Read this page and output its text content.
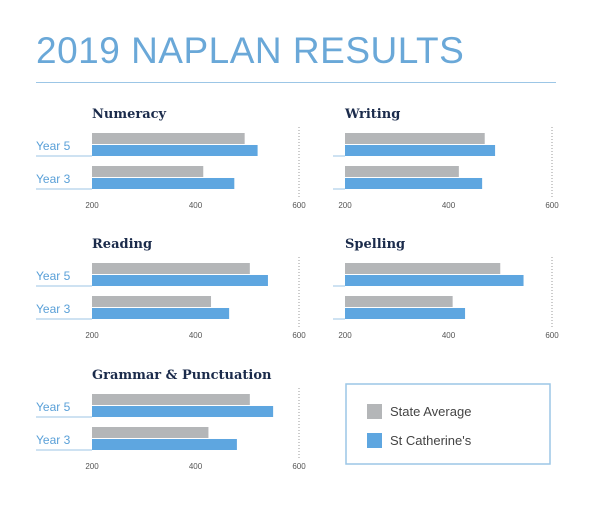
2019 NAPLAN RESULTS
Numeracy
Year 5
Year 3
200	400	600
Writing
200	400	600
Reading
Year 5
Year 3
200	400	600
Spelling
200	400	600
Grammar & Punctuation
Year 5
Year 3
200	400	600
State Average
St Catherine's
